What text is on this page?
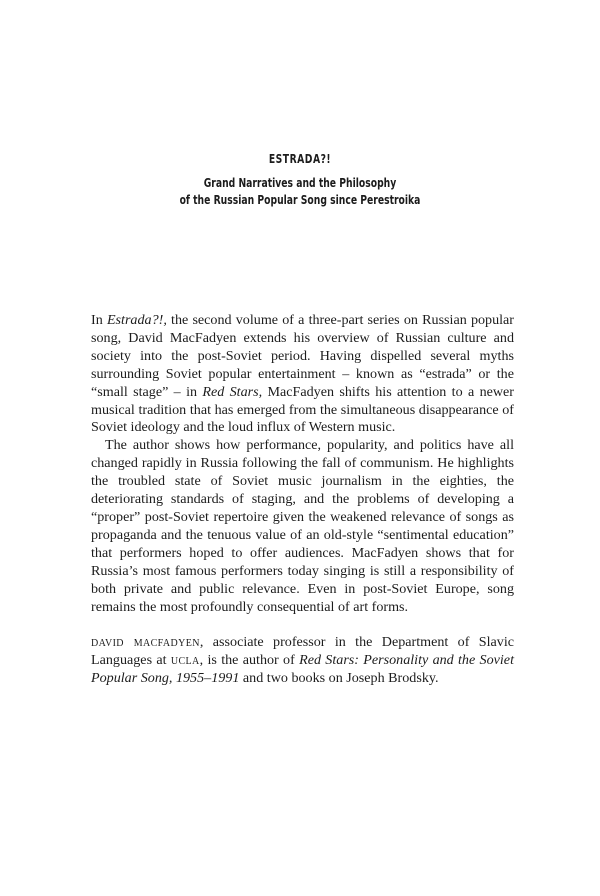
ESTRADA?!
Grand Narratives and the Philosophy
of the Russian Popular Song since Perestroika

In Estrada?!, the second volume of a three-part series on Russian popular song, David MacFadyen extends his overview of Russian culture and society into the post-Soviet period. Having dispelled several myths surrounding Soviet popular entertainment – known as “estrada” or the “small stage” – in Red Stars, MacFadyen shifts his attention to a newer musical tradition that has emerged from the simultaneous disappearance of Soviet ideology and the loud influx of Western music.

The author shows how performance, popularity, and politics have all changed rapidly in Russia following the fall of communism. He highlights the troubled state of Soviet music journalism in the eighties, the deteriorating standards of staging, and the problems of developing a “proper” post-Soviet repertoire given the weakened relevance of songs as propaganda and the tenuous value of an old-style “sentimental education” that performers hoped to offer audiences. MacFadyen shows that for Russia’s most famous performers today singing is still a responsibility of both private and public relevance. Even in post-Soviet Europe, song remains the most profoundly consequential of art forms.

david macfadyen, associate professor in the Department of Slavic Languages at ucla, is the author of Red Stars: Personality and the Soviet Popular Song, 1955–1991 and two books on Joseph Brodsky.
